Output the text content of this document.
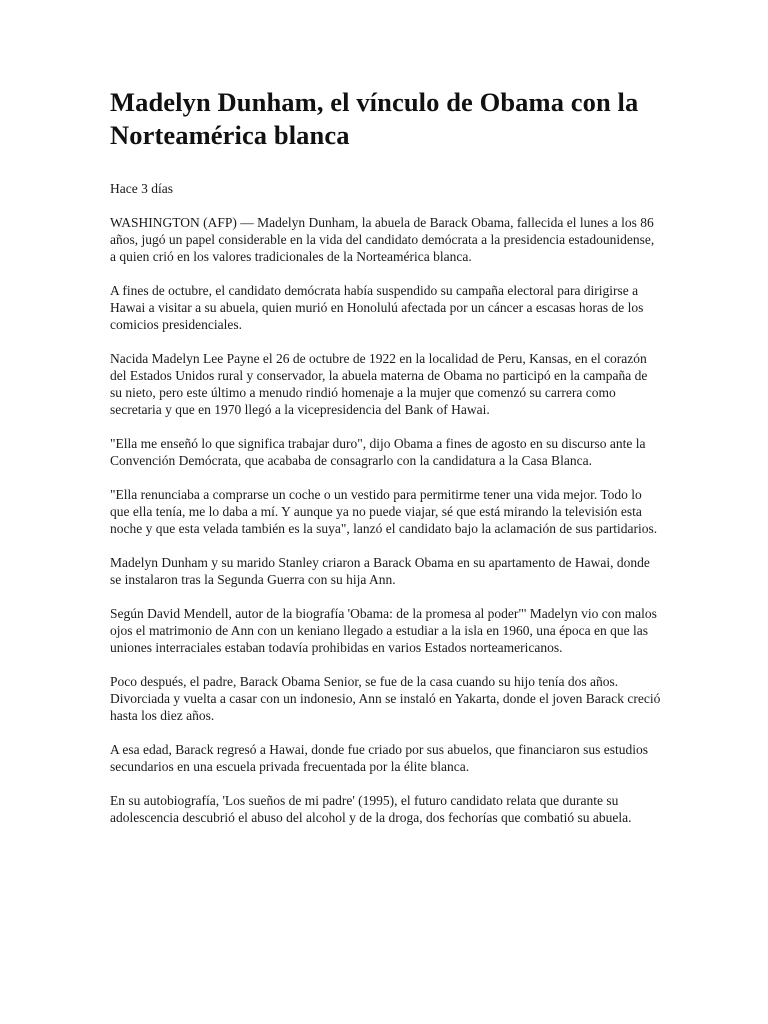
Madelyn Dunham, el vínculo de Obama con la Norteamérica blanca

Hace 3 días

WASHINGTON (AFP) — Madelyn Dunham, la abuela de Barack Obama, fallecida el lunes a los 86 años, jugó un papel considerable en la vida del candidato demócrata a la presidencia estadounidense, a quien crió en los valores tradicionales de la Norteamérica blanca.

A fines de octubre, el candidato demócrata había suspendido su campaña electoral para dirigirse a Hawai a visitar a su abuela, quien murió en Honolulú afectada por un cáncer a escasas horas de los comicios presidenciales.

Nacida Madelyn Lee Payne el 26 de octubre de 1922 en la localidad de Peru, Kansas, en el corazón del Estados Unidos rural y conservador, la abuela materna de Obama no participó en la campaña de su nieto, pero este último a menudo rindió homenaje a la mujer que comenzó su carrera como secretaria y que en 1970 llegó a la vicepresidencia del Bank of Hawai.

"Ella me enseñó lo que significa trabajar duro", dijo Obama a fines de agosto en su discurso ante la Convención Demócrata, que acababa de consagrarlo con la candidatura a la Casa Blanca.

"Ella renunciaba a comprarse un coche o un vestido para permitirme tener una vida mejor. Todo lo que ella tenía, me lo daba a mí. Y aunque ya no puede viajar, sé que está mirando la televisión esta noche y que esta velada también es la suya", lanzó el candidato bajo la aclamación de sus partidarios.

Madelyn Dunham y su marido Stanley criaron a Barack Obama en su apartamento de Hawai, donde se instalaron tras la Segunda Guerra con su hija Ann.

Según David Mendell, autor de la biografía 'Obama: de la promesa al poder"' Madelyn vio con malos ojos el matrimonio de Ann con un keniano llegado a estudiar a la isla en 1960, una época en que las uniones interraciales estaban todavía prohibidas en varios Estados norteamericanos.

Poco después, el padre, Barack Obama Senior, se fue de la casa cuando su hijo tenía dos años. Divorciada y vuelta a casar con un indonesio, Ann se instaló en Yakarta, donde el joven Barack creció hasta los diez años.

A esa edad, Barack regresó a Hawai, donde fue criado por sus abuelos, que financiaron sus estudios secundarios en una escuela privada frecuentada por la élite blanca.

En su autobiografía, 'Los sueños de mi padre' (1995), el futuro candidato relata que durante su adolescencia descubrió el abuso del alcohol y de la droga, dos fechorías que combatió su abuela.
